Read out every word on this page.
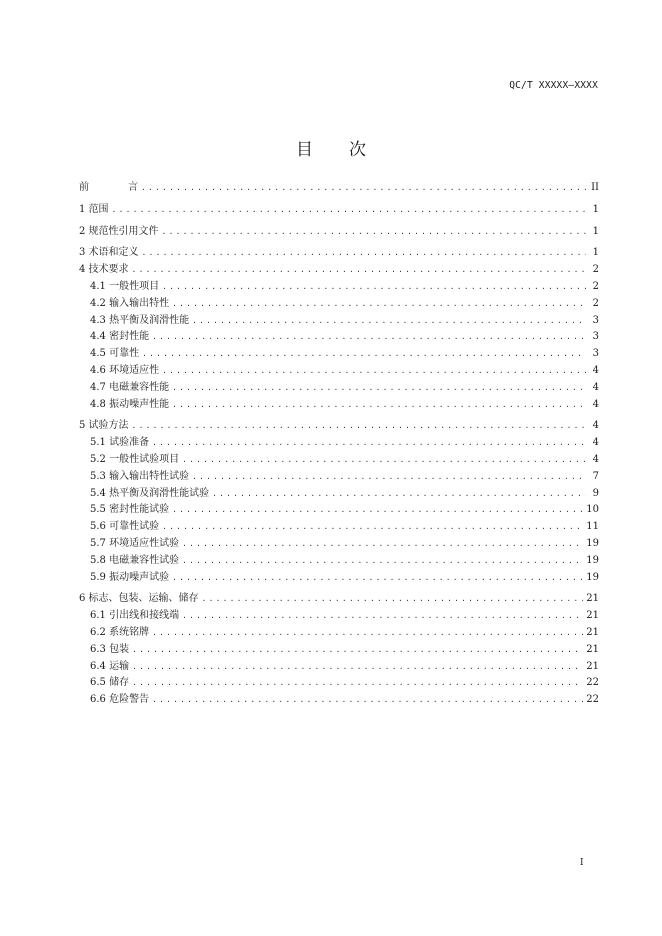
QC/T XXXXX—XXXX
目 次
前	言 .....	II
1 范围 .....	1
2 规范性引用文件 .....	1
3 术语和定义 .....	1
4 技术要求 .....	2
4.1 一般性项目 .....	2
4.2 输入输出特性 .....	2
4.3 热平衡及润滑性能 .....	3
4.4 密封性能 .....	3
4.5 可靠性 .....	3
4.6 环境适应性 .....	4
4.7 电磁兼容性能 .....	4
4.8 振动噪声性能 .....	4
5 试验方法 .....	4
5.1 试验准备 .....	4
5.2 一般性试验项目 .....	4
5.3 输入输出特性试验 .....	7
5.4 热平衡及润滑性能试验 .....	9
5.5 密封性能试验 .....	10
5.6 可靠性试验 .....	11
5.7 环境适应性试验 .....	19
5.8 电磁兼容性试验 .....	19
5.9 振动噪声试验 .....	19
6 标志、包装、运输、储存 .....	21
6.1 引出线和接线端 .....	21
6.2 系统铭牌 .....	21
6.3 包装 .....	21
6.4 运输 .....	21
6.5 储存 .....	22
6.6 危险警告 .....	22
I
